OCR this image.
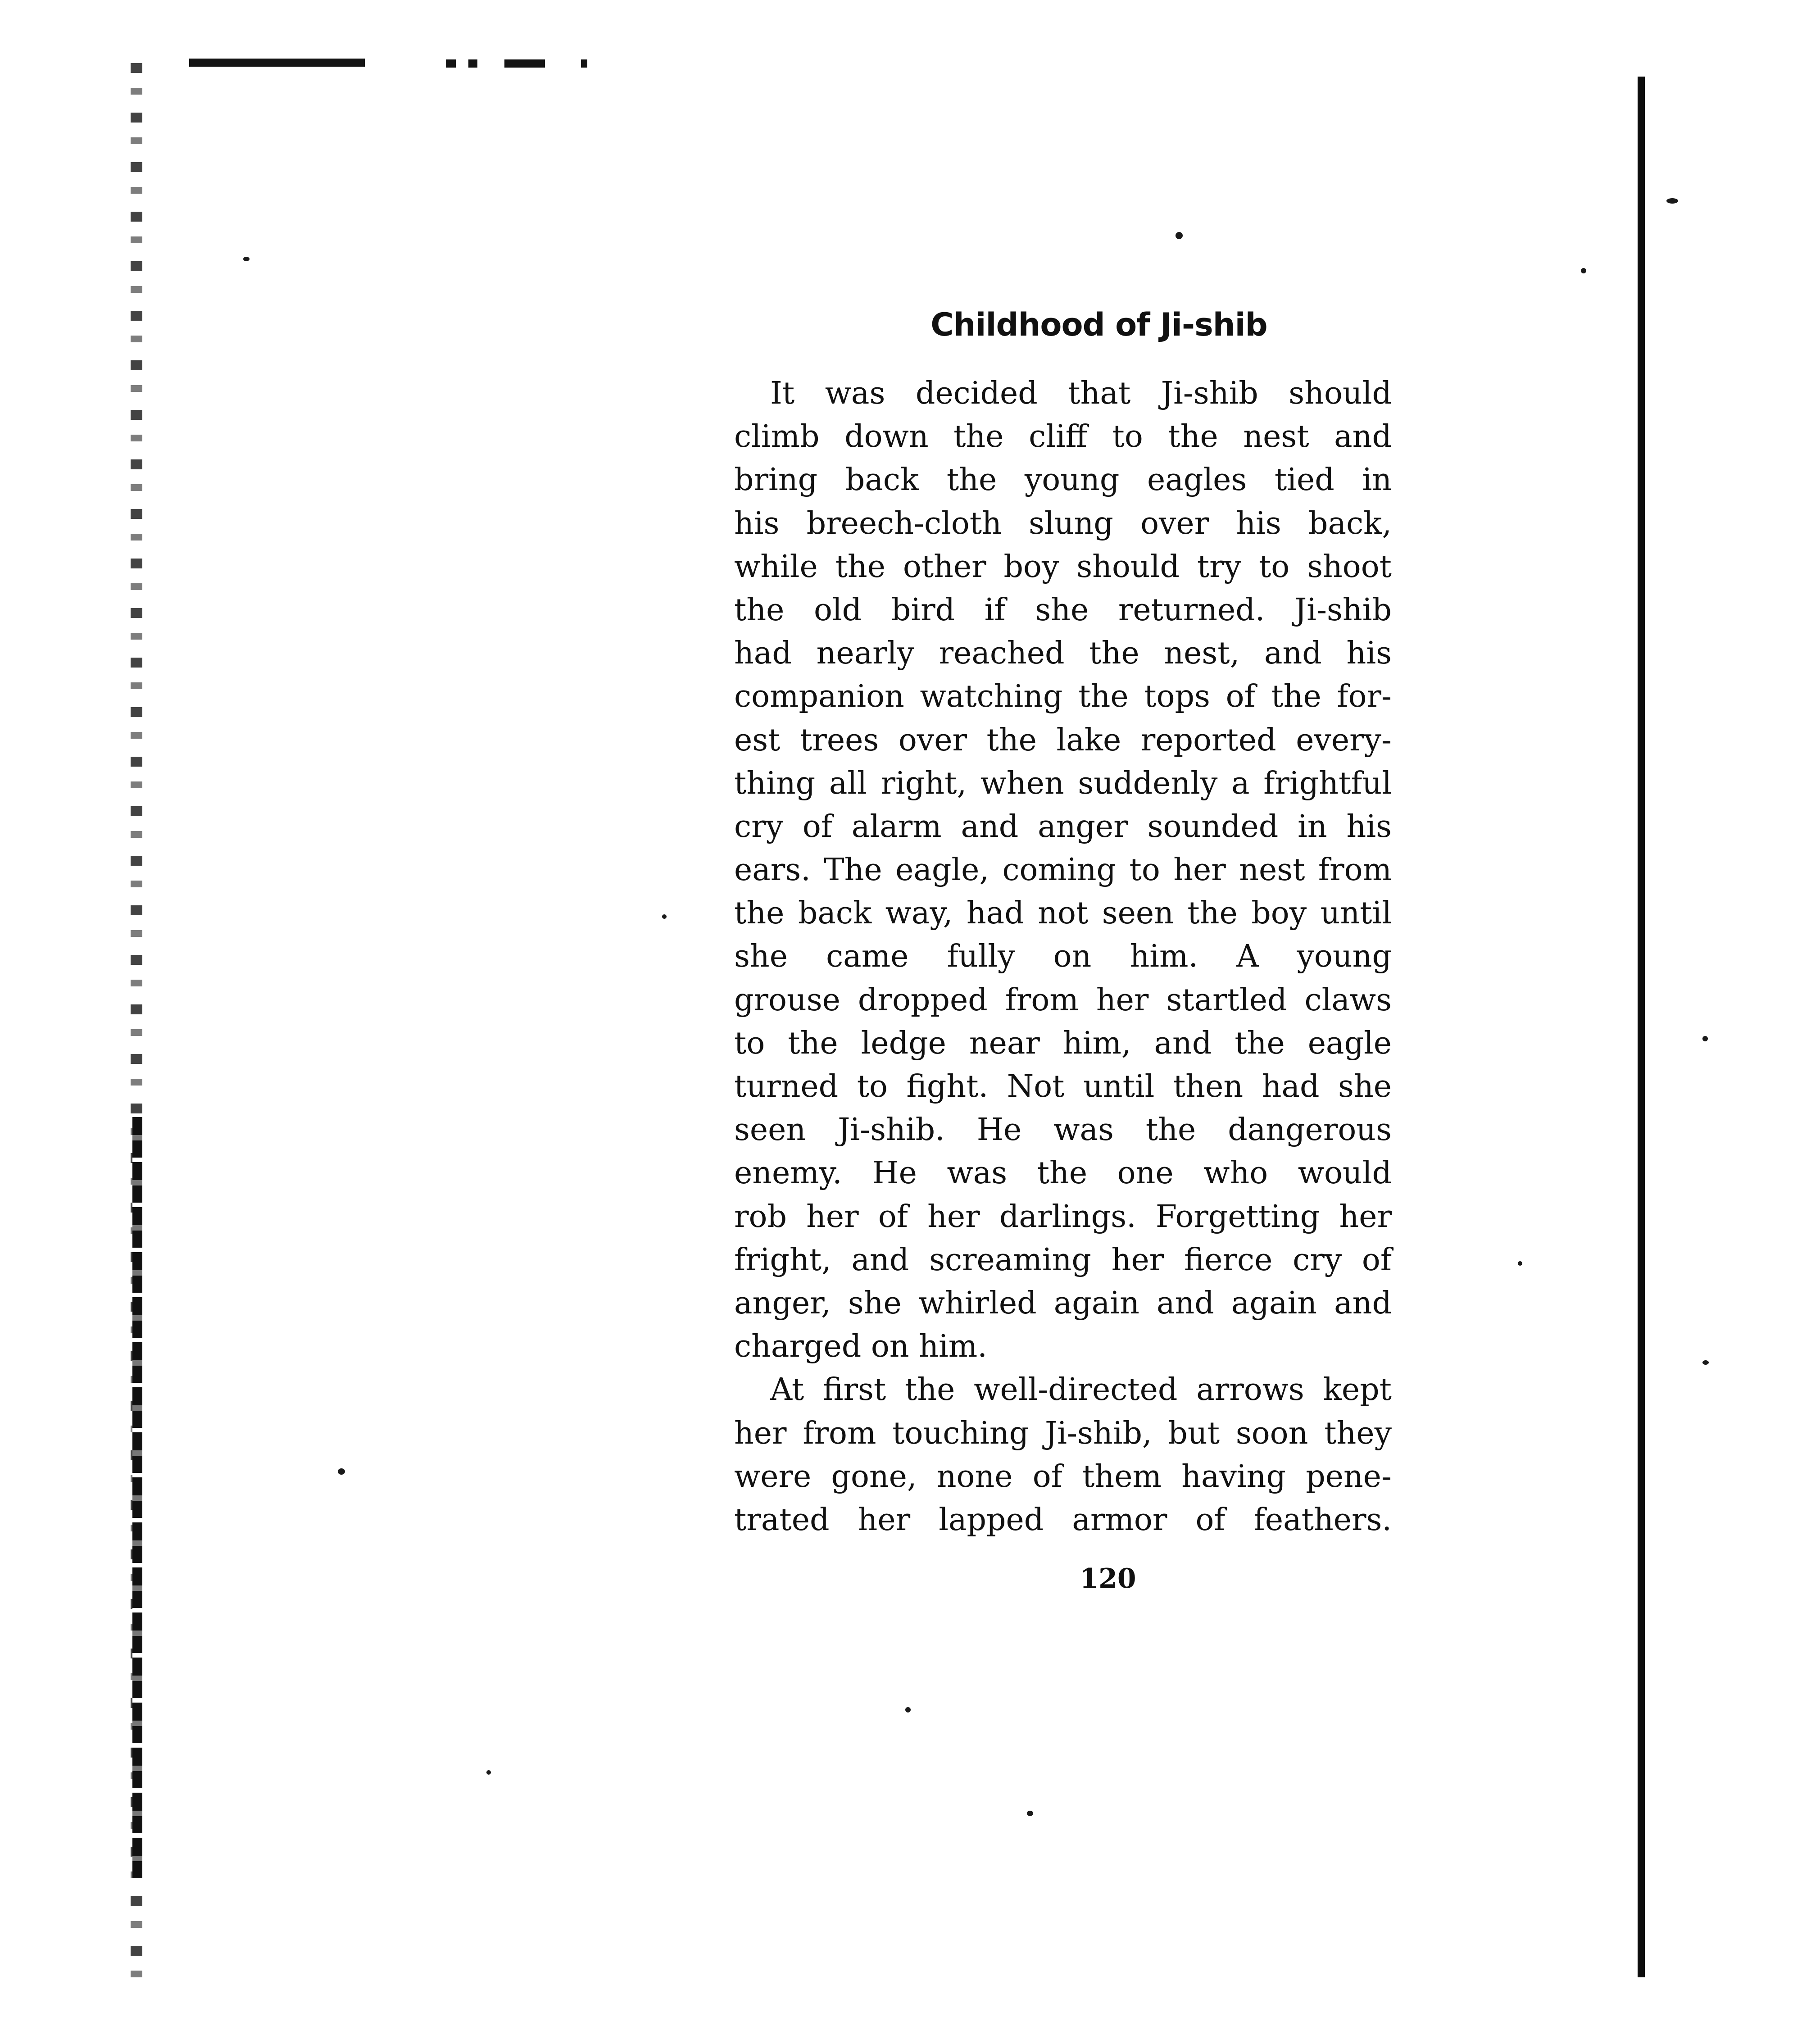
Childhood of Ji-shib
It was decided that Ji-shib should
climb down the cliff to the nest and
bring back the young eagles tied in
his breech-cloth slung over his back,
while the other boy should try to shoot
the old bird if she returned. Ji-shib
had nearly reached the nest, and his
companion watching the tops of the for-
est trees over the lake reported every-
thing all right, when suddenly a frightful
cry of alarm and anger sounded in his
ears. The eagle, coming to her nest from
the back way, had not seen the boy until
she came fully on him. A young
grouse dropped from her startled claws
to the ledge near him, and the eagle
turned to fight. Not until then had she
seen Ji-shib. He was the dangerous
enemy. He was the one who would
rob her of her darlings. Forgetting her
fright, and screaming her fierce cry of
anger, she whirled again and again and
charged on him.
At first the well-directed arrows kept
her from touching Ji-shib, but soon they
were gone, none of them having pene-
trated her lapped armor of feathers.
120
